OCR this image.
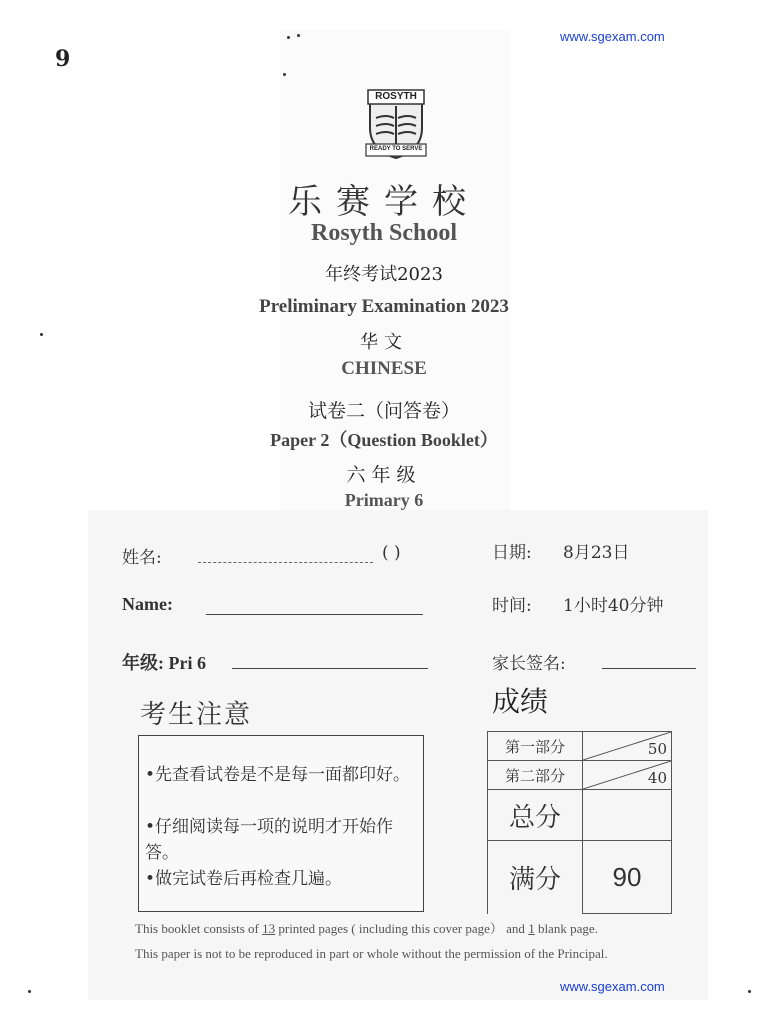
9
www.sgexam.com
ROSYTH
READY TO SERVE
乐赛学校
Rosyth School
年终考试2023
Preliminary Examination 2023
华文
CHINESE
试卷二（问答卷）
Paper 2（Question Booklet）
六年级
Primary 6
姓名:	( )
Name:
年级: Pri 6
日期: 8月23日
时间: 1小时40分钟
家长签名:
考生注意
•先查看试卷是不是每一面都印好。
•仔细阅读每一项的说明才开始作答。
•做完试卷后再检查几遍。
成绩
第一部分	50

第二部分	40

总分	
满分	90
This booklet consists of 13 printed pages ( including this cover page） and 1 blank page.
This paper is not to be reproduced in part or whole without the permission of the Principal.
www.sgexam.com
